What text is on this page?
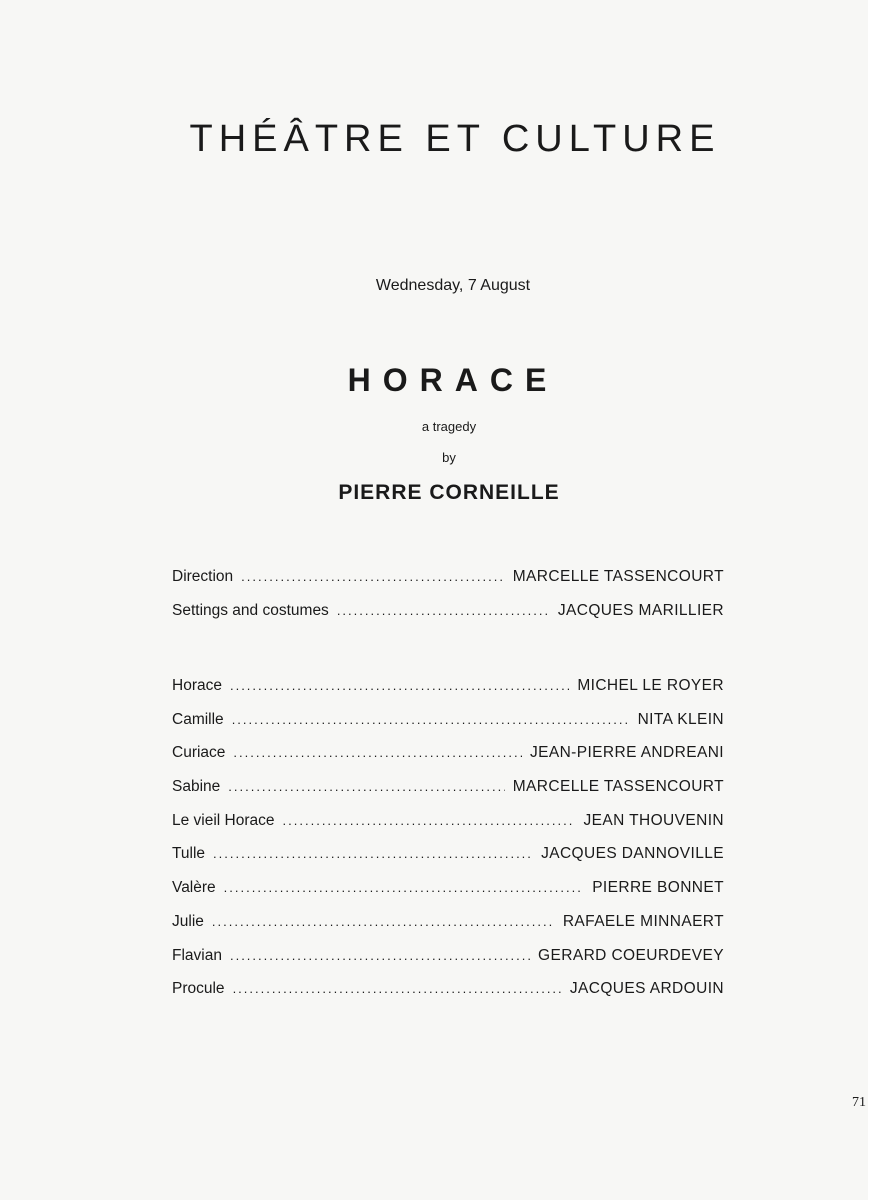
THÉÂTRE ET CULTURE

Wednesday, 7 August

HORACE

a tragedy

by

PIERRE CORNEILLE
Direction .....	MARCELLE TASSENCOURT
Settings and costumes .....	JACQUES MARILLIER
Horace .....	MICHEL LE ROYER
Camille .....	NITA KLEIN
Curiace .....	JEAN-PIERRE ANDREANI
Sabine .....	MARCELLE TASSENCOURT
Le vieil Horace .....	JEAN THOUVENIN
Tulle .....	JACQUES DANNOVILLE
Valère .....	PIERRE BONNET
Julie .....	RAFAELE MINNAERT
Flavian .....	GERARD COEURDEVEY
Procule .....	JACQUES ARDOUIN

71
